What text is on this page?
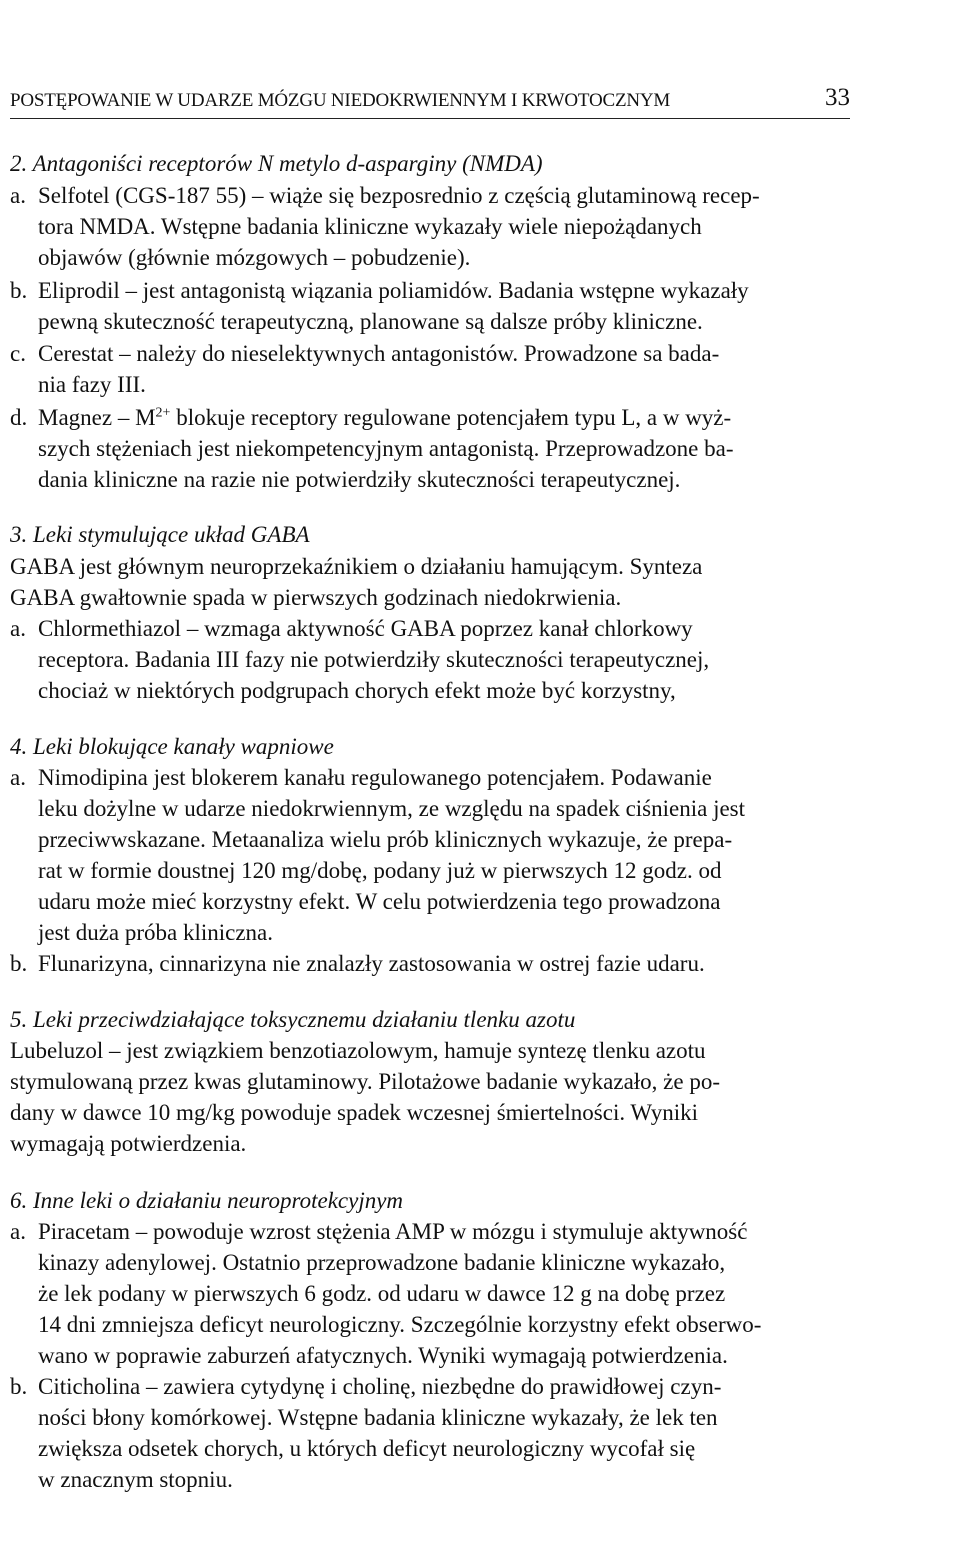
POSTĘPOWANIE W UDARZE MÓZGU NIEDOKRWIENNYM I KRWOTOCZNYM	33
2. Antagoniści receptorów N metylo d-asparginy (NMDA)
a. Selfotel (CGS-187 55) – wiąże się bezposrednio z częścią glutaminową recep-
tora NMDA. Wstępne badania kliniczne wykazały wiele niepożądanych
objawów (głównie mózgowych – pobudzenie).
b. Eliprodil – jest antagonistą wiązania poliamidów. Badania wstępne wykazały
pewną skuteczność terapeutyczną, planowane są dalsze próby kliniczne.
c. Cerestat – należy do nieselektywnych antagonistów. Prowadzone sa bada-
nia fazy III.
d. Magnez – $M^{2+}$ blokuje receptory regulowane potencjałem typu L, a w wyż-
szych stężeniach jest niekompetencyjnym antagonistą. Przeprowadzone ba-
dania kliniczne na razie nie potwierdziły skuteczności terapeutycznej.
3. Leki stymulujące układ GABA
GABA jest głównym neuroprzekaźnikiem o działaniu hamującym. Synteza
GABA gwałtownie spada w pierwszych godzinach niedokrwienia.
a. Chlormethiazol – wzmaga aktywność GABA poprzez kanał chlorkowy
receptora. Badania III fazy nie potwierdziły skuteczności terapeutycznej,
chociaż w niektórych podgrupach chorych efekt może być korzystny,
4. Leki blokujące kanały wapniowe
a. Nimodipina jest blokerem kanału regulowanego potencjałem. Podawanie
leku dożylne w udarze niedokrwiennym, ze względu na spadek ciśnienia jest
przeciwwskazane. Metaanaliza wielu prób klinicznych wykazuje, że prepa-
rat w formie doustnej 120 mg/dobę, podany już w pierwszych 12 godz. od
udaru może mieć korzystny efekt. W celu potwierdzenia tego prowadzona
jest duża próba kliniczna.
b. Flunarizyna, cinnarizyna nie znalazły zastosowania w ostrej fazie udaru.
5. Leki przeciwdziałające toksycznemu działaniu tlenku azotu
Lubeluzol – jest związkiem benzotiazolowym, hamuje syntezę tlenku azotu
stymulowaną przez kwas glutaminowy. Pilotażowe badanie wykazało, że po-
dany w dawce 10 mg/kg powoduje spadek wczesnej śmiertelności. Wyniki
wymagają potwierdzenia.
6. Inne leki o działaniu neuroprotekcyjnym
a. Piracetam – powoduje wzrost stężenia AMP w mózgu i stymuluje aktywność
kinazy adenylowej. Ostatnio przeprowadzone badanie kliniczne wykazało,
że lek podany w pierwszych 6 godz. od udaru w dawce 12 g na dobę przez
14 dni zmniejsza deficyt neurologiczny. Szczególnie korzystny efekt obserwo-
wano w poprawie zaburzeń afatycznych. Wyniki wymagają potwierdzenia.
b. Citicholina – zawiera cytydynę i cholinę, niezbędne do prawidłowej czyn-
ności błony komórkowej. Wstępne badania kliniczne wykazały, że lek ten
zwiększa odsetek chorych, u których deficyt neurologiczny wycofał się
w znacznym stopniu.
